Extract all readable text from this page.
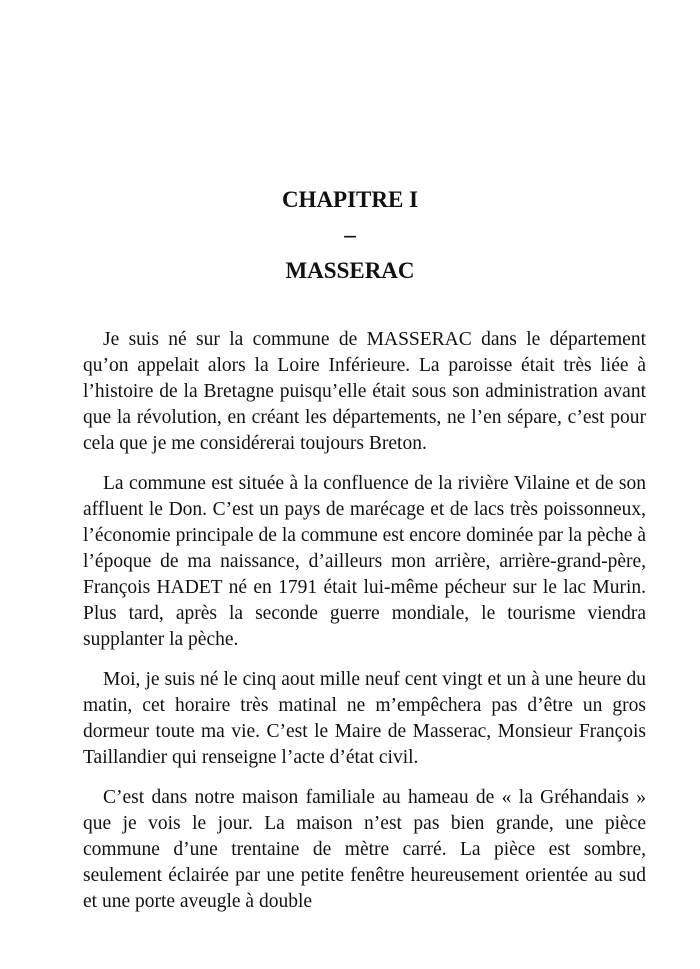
CHAPITRE I
–
MASSERAC

Je suis né sur la commune de MASSERAC dans le département qu’on appelait alors la Loire Inférieure. La paroisse était très liée à l’histoire de la Bretagne puisqu’elle était sous son administration avant que la révolution, en créant les départements, ne l’en sépare, c’est pour cela que je me considérerai toujours Breton.

La commune est située à la confluence de la rivière Vilaine et de son affluent le Don. C’est un pays de marécage et de lacs très poissonneux, l’économie principale de la commune est encore dominée par la pèche à l’époque de ma naissance, d’ailleurs mon arrière, arrière-grand-père, François HADET né en 1791 était lui-même pécheur sur le lac Murin. Plus tard, après la seconde guerre mondiale, le tourisme viendra supplanter la pèche.

Moi, je suis né le cinq aout mille neuf cent vingt et un à une heure du matin, cet horaire très matinal ne m’empêchera pas d’être un gros dormeur toute ma vie. C’est le Maire de Masserac, Monsieur François Taillandier qui renseigne l’acte d’état civil.

C’est dans notre maison familiale au hameau de « la Gréhandais » que je vois le jour. La maison n’est pas bien grande, une pièce commune d’une trentaine de mètre carré. La pièce est sombre, seulement éclairée par une petite fenêtre heureusement orientée au sud et une porte aveugle à double
